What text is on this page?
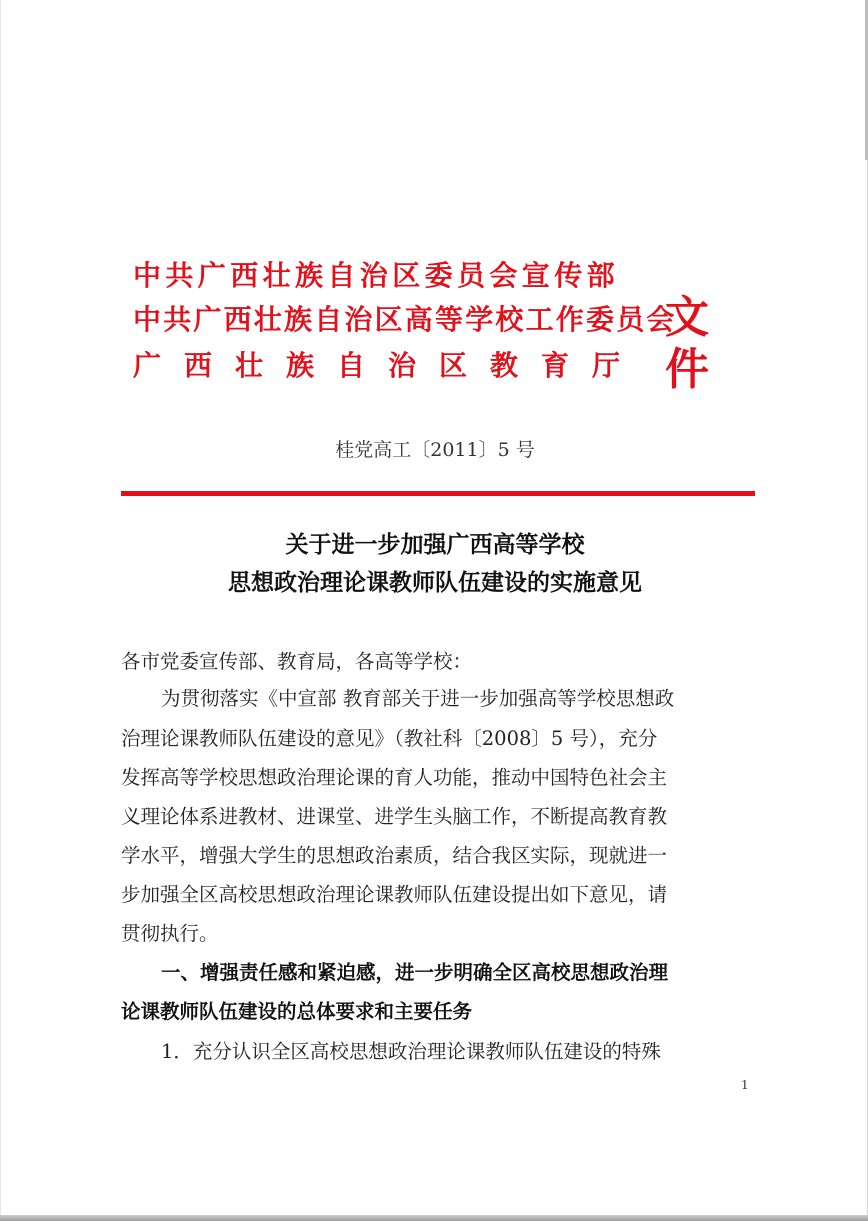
中共广西壮族自治区委员会宣传部
中共广西壮族自治区高等学校工作委员会
广西壮族自治区教育厅
文件
桂党高工〔2011〕5 号
关于进一步加强广西高等学校
思想政治理论课教师队伍建设的实施意见
各市党委宣传部、教育局，各高等学校：
为贯彻落实《中宣部 教育部关于进一步加强高等学校思想政
治理论课教师队伍建设的意见》（教社科〔2008〕5 号），充分
发挥高等学校思想政治理论课的育人功能，推动中国特色社会主
义理论体系进教材、进课堂、进学生头脑工作，不断提高教育教
学水平，增强大学生的思想政治素质，结合我区实际，现就进一
步加强全区高校思想政治理论课教师队伍建设提出如下意见，请
贯彻执行。
一、增强责任感和紧迫感，进一步明确全区高校思想政治理
论课教师队伍建设的总体要求和主要任务
1．充分认识全区高校思想政治理论课教师队伍建设的特殊
1
